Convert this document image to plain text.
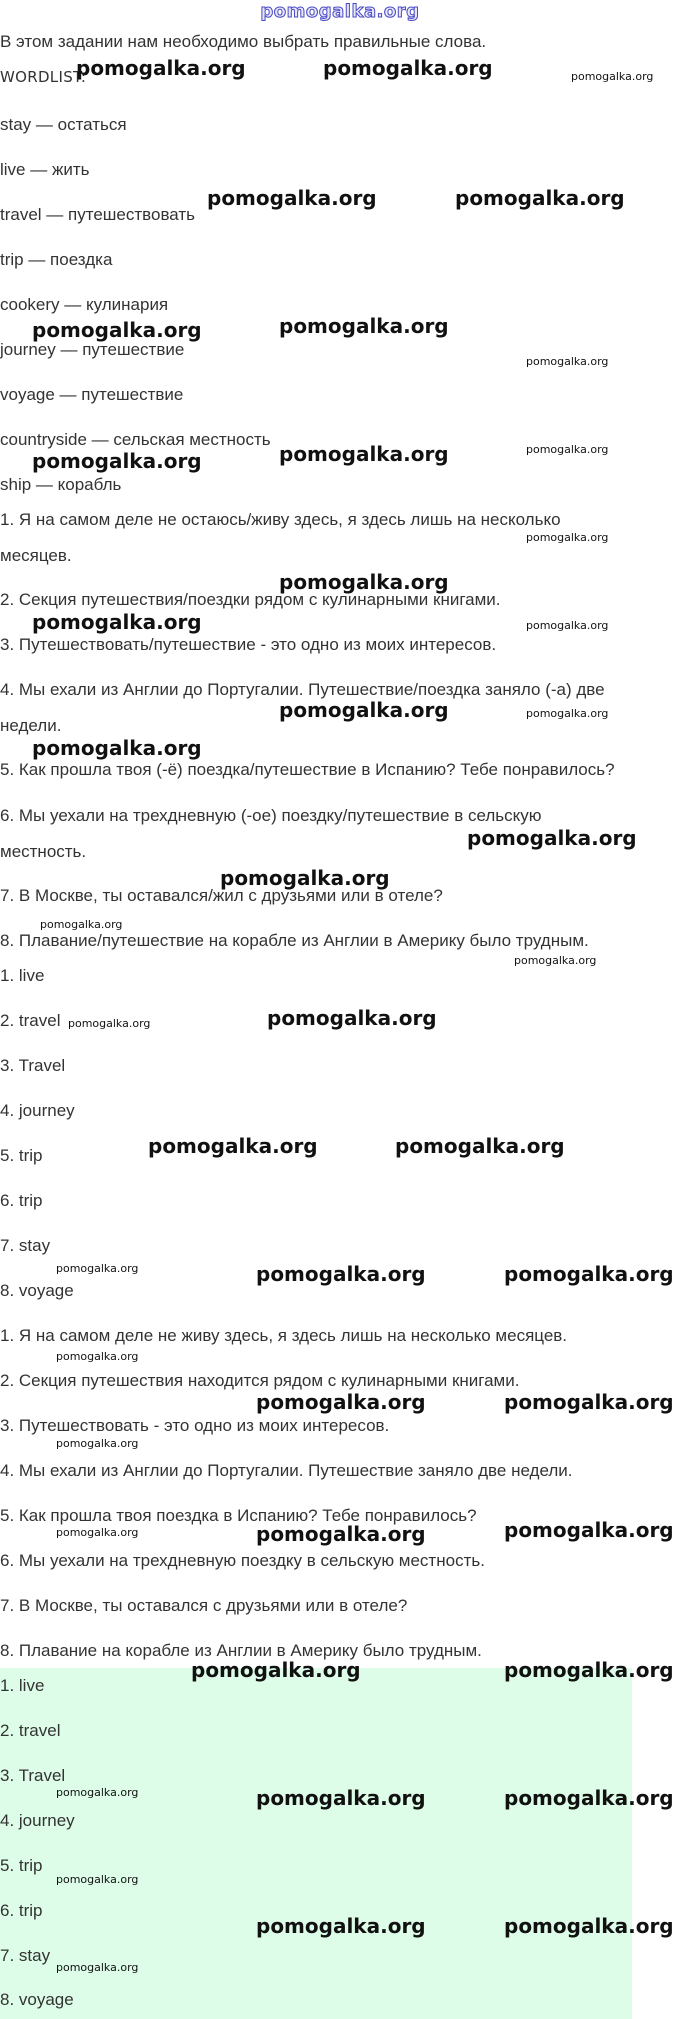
pomogalka.org
В этом задании нам необходимо выбрать правильные слова.
WORDLIST:
stay — остаться
live — жить
travel — путешествовать
trip — поездка
cookery — кулинария
journey — путешествие
voyage — путешествие
countryside — сельская местность
ship — корабль
1. Я на самом деле не остаюсь/живу здесь, я здесь лишь на несколько
месяцев.
2. Секция путешествия/поездки рядом с кулинарными книгами.
3. Путешествовать/путешествие - это одно из моих интересов.
4. Мы ехали из Англии до Португалии. Путешествие/поездка заняло (-а) две
недели.
5. Как прошла твоя (-ё) поездка/путешествие в Испанию? Тебе понравилось?
6. Мы уехали на трехдневную (-ое) поездку/путешествие в сельскую
местность.
7. В Москве, ты оставался/жил с друзьями или в отеле?
8. Плавание/путешествие на корабле из Англии в Америку было трудным.
1. live
2. travel
3. Travel
4. journey
5. trip
6. trip
7. stay
8. voyage
1. Я на самом деле не живу здесь, я здесь лишь на несколько месяцев.
2. Секция путешествия находится рядом с кулинарными книгами.
3. Путешествовать - это одно из моих интересов.
4. Мы ехали из Англии до Португалии. Путешествие заняло две недели.
5. Как прошла твоя поездка в Испанию? Тебе понравилось?
6. Мы уехали на трехдневную поездку в сельскую местность.
7. В Москве, ты оставался с друзьями или в отеле?
8. Плавание на корабле из Англии в Америку было трудным.
1. live
2. travel
3. Travel
4. journey
5. trip
6. trip
7. stay
8. voyage
pomogalka.org	pomogalka.org	pomogalka.org
pomogalka.org	pomogalka.org
pomogalka.org
pomogalka.org
pomogalka.org
pomogalka.org
pomogalka.org	pomogalka.org
pomogalka.org
pomogalka.org
pomogalka.org	pomogalka.org
pomogalka.org	pomogalka.org
pomogalka.org
pomogalka.org
pomogalka.org
pomogalka.org
pomogalka.org
pomogalka.org	pomogalka.org
pomogalka.org	pomogalka.org
pomogalka.org	pomogalka.org	pomogalka.org
pomogalka.org
pomogalka.org	pomogalka.org
pomogalka.org
pomogalka.org	pomogalka.org	pomogalka.org
pomogalka.org	pomogalka.org
pomogalka.org	pomogalka.org	pomogalka.org
pomogalka.org
pomogalka.org	pomogalka.org
pomogalka.org
